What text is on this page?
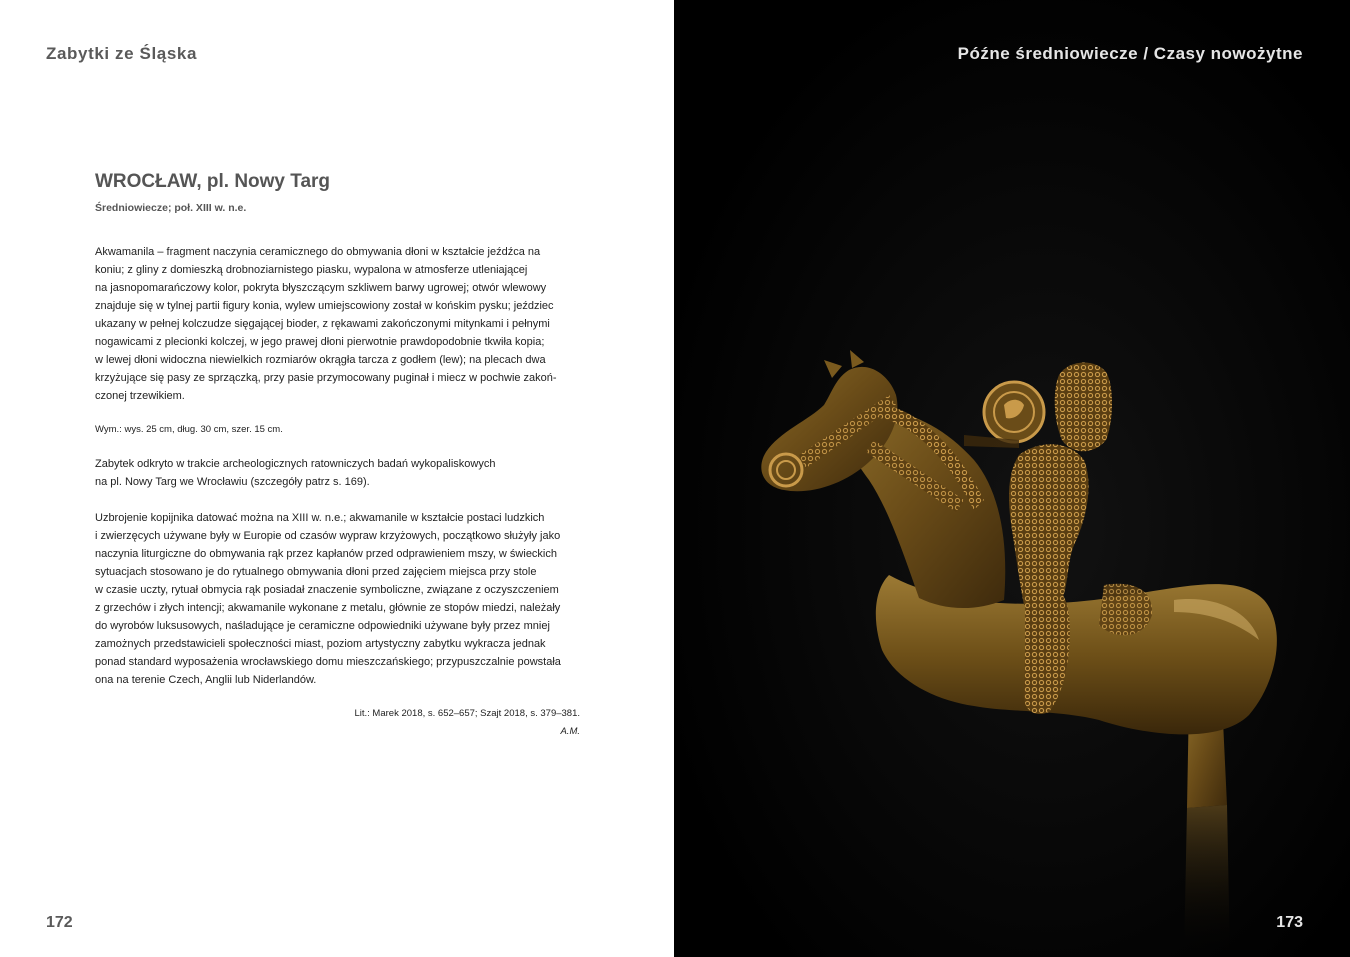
Zabytki ze Śląska
WROCŁAW, pl. Nowy Targ
Średniowiecze; poł. XIII w. n.e.

Akwamanila – fragment naczynia ceramicznego do obmywania dłoni w kształcie jeźdźca na
koniu; z gliny z domieszką drobnoziarnistego piasku, wypalona w atmosferze utleniającej
na jasnopomarańczowy kolor, pokryta błyszczącym szkliwem barwy ugrowej; otwór wlewowy
znajduje się w tylnej partii figury konia, wylew umiejscowiony został w końskim pysku; jeździec
ukazany w pełnej kolczudze sięgającej bioder, z rękawami zakończonymi mitynkami i pełnymi
nogawicami z plecionki kolczej, w jego prawej dłoni pierwotnie prawdopodobnie tkwiła kopia;
w lewej dłoni widoczna niewielkich rozmiarów okrągła tarcza z godłem (lew); na plecach dwa
krzyżujące się pasy ze sprzączką, przy pasie przymocowany puginał i miecz w pochwie zakoń-
czonej trzewikiem.

Wym.: wys. 25 cm, dług. 30 cm, szer. 15 cm.

Zabytek odkryto w trakcie archeologicznych ratowniczych badań wykopaliskowych
na pl. Nowy Targ we Wrocławiu (szczegóły patrz s. 169).

Uzbrojenie kopijnika datować można na XIII w. n.e.; akwamanile w kształcie postaci ludzkich
i zwierzęcych używane były w Europie od czasów wypraw krzyżowych, początkowo służyły jako
naczynia liturgiczne do obmywania rąk przez kapłanów przed odprawieniem mszy, w świeckich
sytuacjach stosowano je do rytualnego obmywania dłoni przed zajęciem miejsca przy stole
w czasie uczty, rytuał obmycia rąk posiadał znaczenie symboliczne, związane z oczyszczeniem
z grzechów i złych intencji; akwamanile wykonane z metalu, głównie ze stopów miedzi, należały
do wyrobów luksusowych, naśladujące je ceramiczne odpowiedniki używane były przez mniej
zamożnych przedstawicieli społeczności miast, poziom artystyczny zabytku wykracza jednak
ponad standard wyposażenia wrocławskiego domu mieszczańskiego; przypuszczalnie powstała
ona na terenie Czech, Anglii lub Niderlandów.

Lit.: Marek 2018, s. 652–657; Szajt 2018, s. 379–381.
A.M.
172
Późne średniowiecze / Czasy nowożytne
173
